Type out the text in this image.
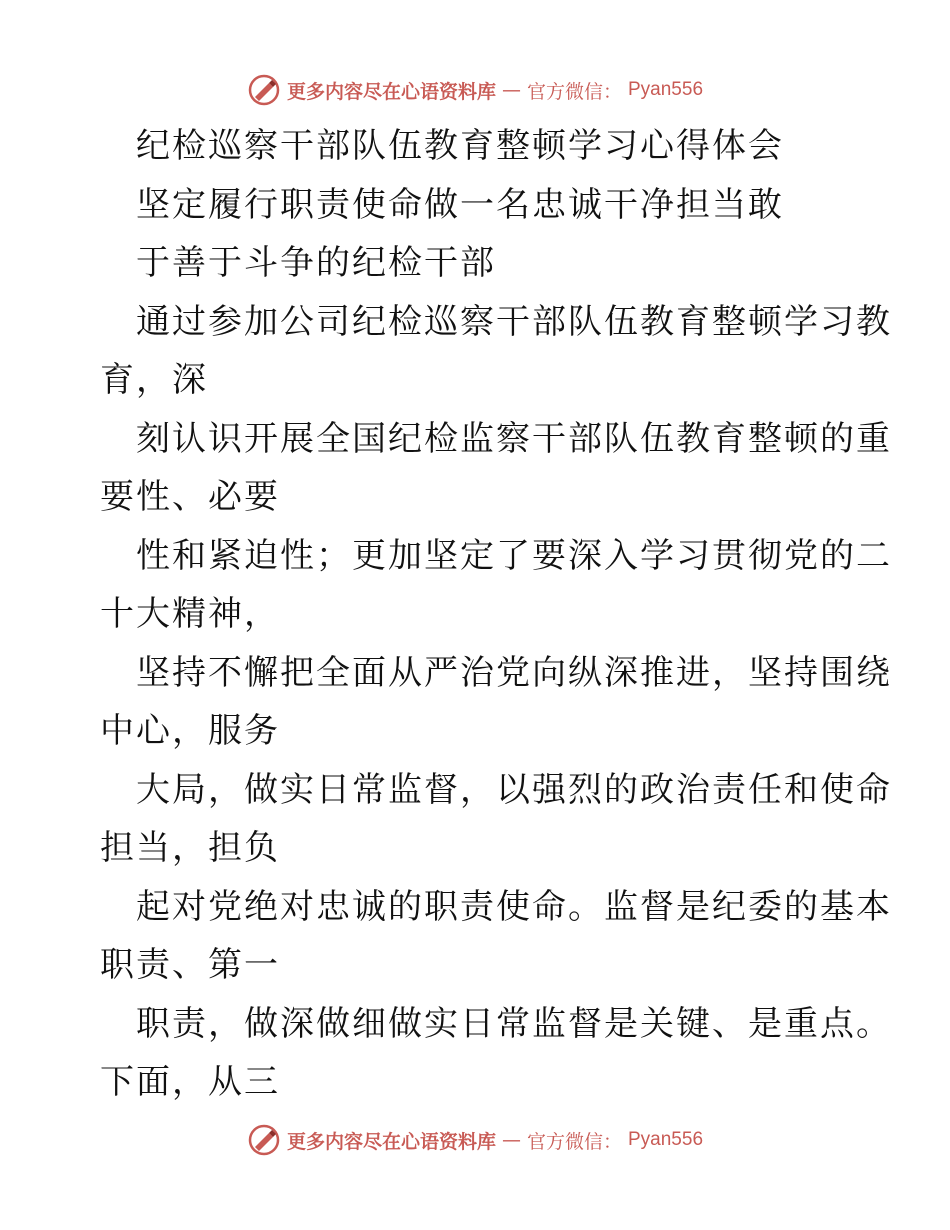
更多内容尽在心语资料库 — 官方微信： Pyan556
纪检巡察干部队伍教育整顿学习心得体会
坚定履行职责使命做一名忠诚干净担当敢
于善于斗争的纪检干部
通过参加公司纪检巡察干部队伍教育整顿学习教
育，深
刻认识开展全国纪检监察干部队伍教育整顿的重
要性、必要
性和紧迫性；更加坚定了要深入学习贯彻党的二
十大精神，
坚持不懈把全面从严治党向纵深推进，坚持围绕
中心，服务
大局，做实日常监督，以强烈的政治责任和使命
担当，担负
起对党绝对忠诚的职责使命。监督是纪委的基本
职责、第一
职责，做深做细做实日常监督是关键、是重点。
下面，从三
更多内容尽在心语资料库 — 官方微信： Pyan556
